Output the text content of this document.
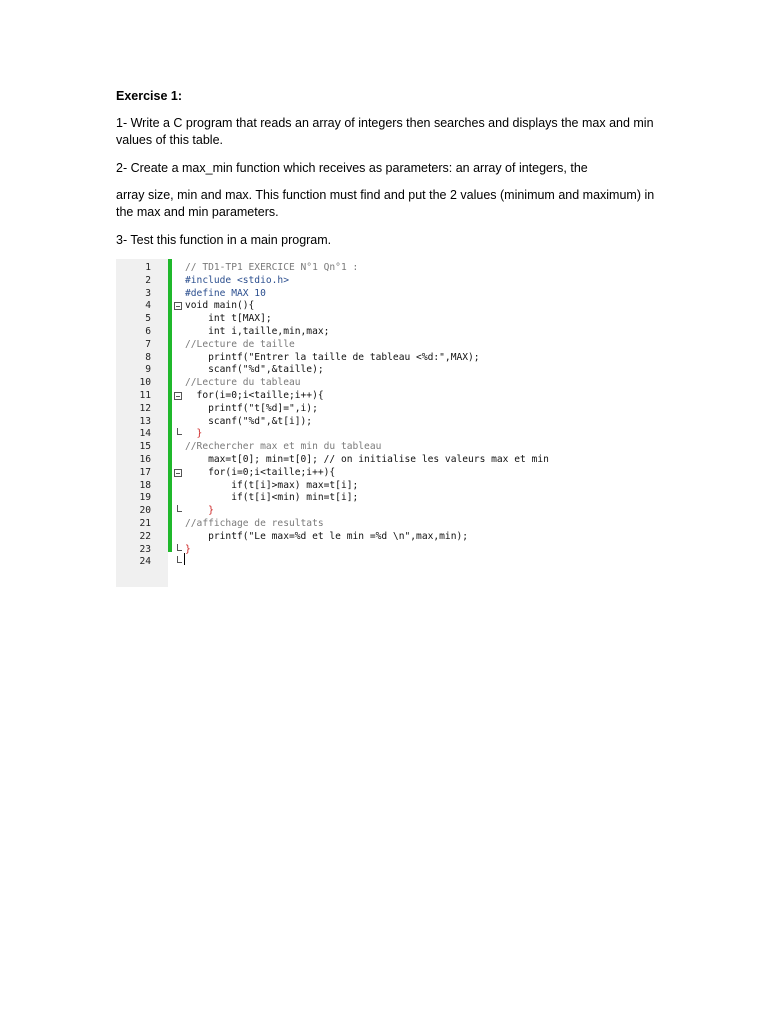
Exercise 1:

1- Write a C program that reads an array of integers then searches and displays the max and min values of this table.

2- Create a max_min function which receives as parameters: an array of integers, the

array size, min and max. This function must find and put the 2 values (minimum and maximum) in the max and min parameters.

3- Test this function in a main program.

1	// TD1-TP1 EXERCICE N°1 Qn°1 :
2	#include <stdio.h>
3	#define MAX 10
4	void main(){
5	int t[MAX];
6	int i,taille,min,max;
7	//Lecture de taille
8	printf("Entrer la taille de tableau <%d:",MAX);
9	scanf("%d",&taille);
10	//Lecture du tableau
11	for(i=0;i<taille;i++){
12	printf("t[%d]=",i);
13	scanf("%d",&t[i]);
14	}
15	//Rechercher max et min du tableau
16	max=t[0]; min=t[0]; // on initialise les valeurs max et min
17	for(i=0;i<taille;i++){
18	if(t[i]>max) max=t[i];
19	if(t[i]<min) min=t[i];
20	}
21	//affichage de resultats
22	printf("Le max=%d et le min =%d \n",max,min);
23	}
24
